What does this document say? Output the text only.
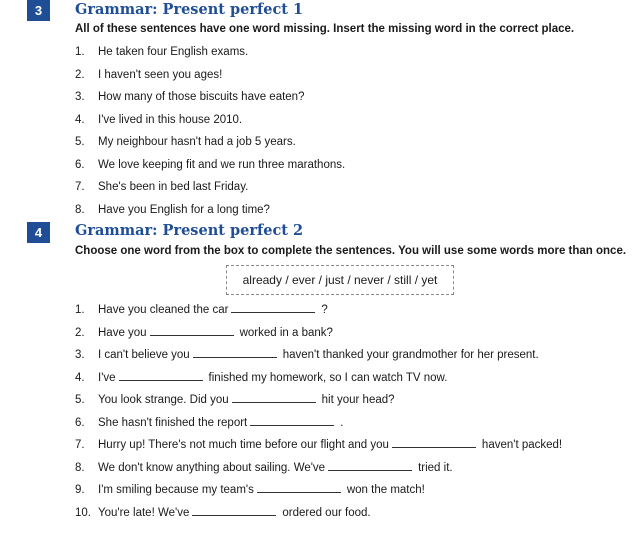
3	Grammar: Present perfect 1
All of these sentences have one word missing. Insert the missing word in the correct place.
1. He taken four English exams.
2. I haven't seen you ages!
3. How many of those biscuits have eaten?
4. I've lived in this house 2010.
5. My neighbour hasn't had a job 5 years.
6. We love keeping fit and we run three marathons.
7. She's been in bed last Friday.
8. Have you English for a long time?
4	Grammar: Present perfect 2
Choose one word from the box to complete the sentences. You will use some words more than once.
already / ever / just / never / still / yet
1. Have you cleaned the car	?
2. Have you	worked in a bank?
3. I can't believe you	haven't thanked your grandmother for her present.
4. I've	finished my homework, so I can watch TV now.
5. You look strange. Did you	hit your head?
6. She hasn't finished the report	.
7. Hurry up! There's not much time before our flight and you	haven't packed!
8. We don't know anything about sailing. We've	tried it.
9. I'm smiling because my team's	won the match!
10. You're late! We've	ordered our food.
